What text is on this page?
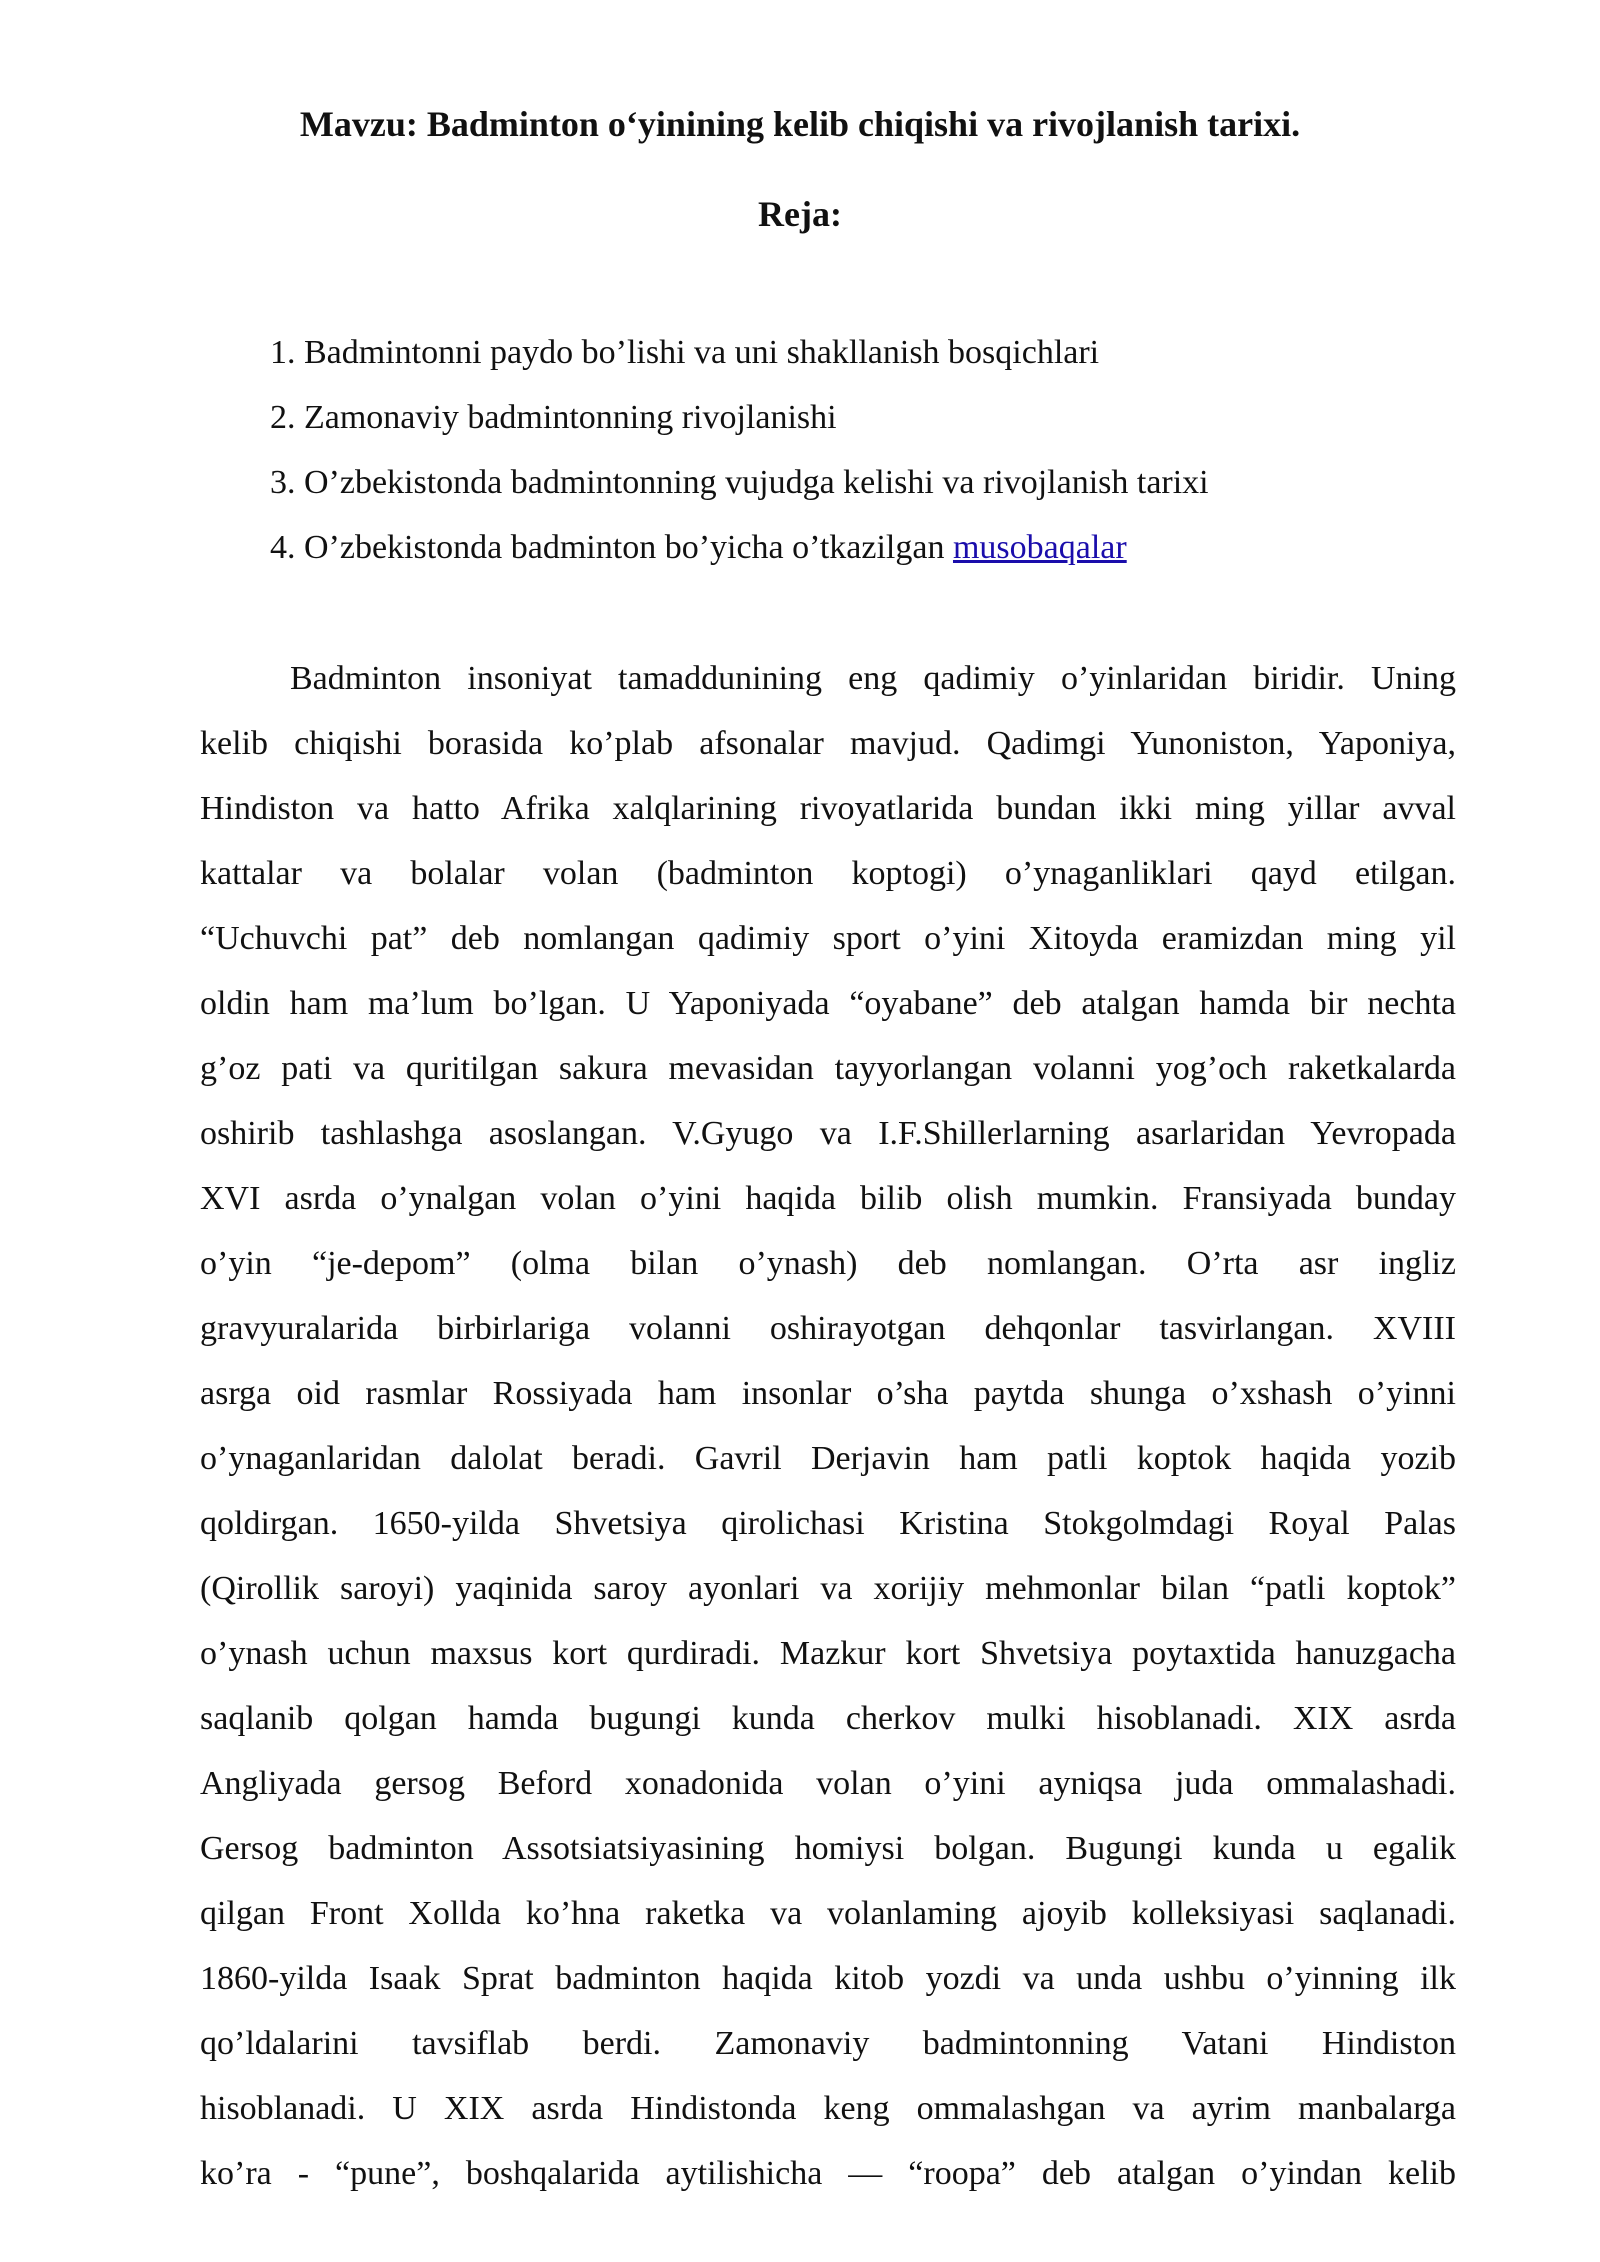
Mavzu: Badminton o‘yinining kelib chiqishi va rivojlanish tarixi.
Reja:
1. Badmintonni paydo bo’lishi va uni shakllanish bosqichlari
2. Zamonaviy badmintonning rivojlanishi
3. O’zbekistonda badmintonning vujudga kelishi va rivojlanish tarixi
4. O’zbekistonda badminton bo’yicha o’tkazilgan musobaqalar
Badminton insoniyat tamaddunining eng qadimiy o’yinlaridan biridir. Uning
kelib chiqishi borasida ko’plab afsonalar mavjud. Qadimgi Yunoniston, Yaponiya,
Hindiston va hatto Afrika xalqlarining rivoyatlarida bundan ikki ming yillar avval
kattalar va bolalar volan (badminton koptogi) o’ynaganliklari qayd etilgan.
“Uchuvchi pat” deb nomlangan qadimiy sport o’yini Xitoyda eramizdan ming yil
oldin ham ma’lum bo’lgan. U Yaponiyada “oyabane” deb atalgan hamda bir nechta
g’oz pati va quritilgan sakura mevasidan tayyorlangan volanni yog’och raketkalarda
oshirib tashlashga asoslangan. V.Gyugo va I.F.Shillerlarning asarlaridan Yevropada
XVI asrda o’ynalgan volan o’yini haqida bilib olish mumkin. Fransiyada bunday
o’yin “je-depom” (olma bilan o’ynash) deb nomlangan. O’rta asr ingliz
gravyuralarida birbirlariga volanni oshirayotgan dehqonlar tasvirlangan. XVIII
asrga oid rasmlar Rossiyada ham insonlar o’sha paytda shunga o’xshash o’yinni
o’ynaganlaridan dalolat beradi. Gavril Derjavin ham patli koptok haqida yozib
qoldirgan. 1650-yilda Shvetsiya qirolichasi Kristina Stokgolmdagi Royal Palas
(Qirollik saroyi) yaqinida saroy ayonlari va xorijiy mehmonlar bilan “patli koptok”
o’ynash uchun maxsus kort qurdiradi. Mazkur kort Shvetsiya poytaxtida hanuzgacha
saqlanib qolgan hamda bugungi kunda cherkov mulki hisoblanadi. XIX asrda
Angliyada gersog Beford xonadonida volan o’yini ayniqsa juda ommalashadi.
Gersog badminton Assotsiatsiyasining homiysi bolgan. Bugungi kunda u egalik
qilgan Front Xollda ko’hna raketka va volanlaming ajoyib kolleksiyasi saqlanadi.
1860-yilda Isaak Sprat badminton haqida kitob yozdi va unda ushbu o’yinning ilk
qo’ldalarini tavsiflab berdi. Zamonaviy badmintonning Vatani Hindiston
hisoblanadi. U XIX asrda Hindistonda keng ommalashgan va ayrim manbalarga
ko’ra - “pune”, boshqalarida aytilishicha — “roopa” deb atalgan o’yindan kelib
